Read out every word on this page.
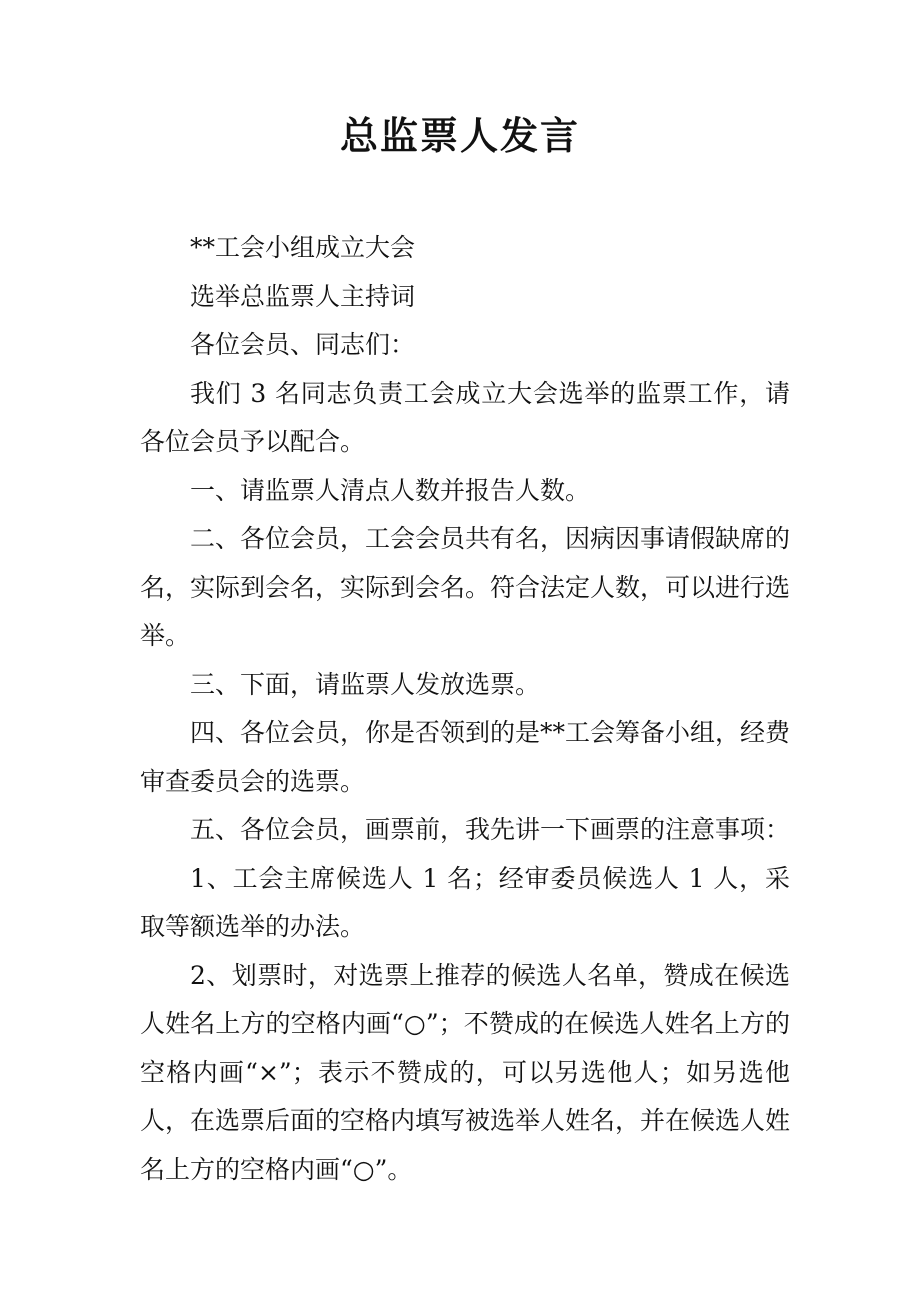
总监票人发言

**工会小组成立大会

选举总监票人主持词

各位会员、同志们：

我们 3 名同志负责工会成立大会选举的监票工作，请各位会员予以配合。

一、请监票人清点人数并报告人数。

二、各位会员，工会会员共有名，因病因事请假缺席的名，实际到会名，实际到会名。符合法定人数，可以进行选举。

三、下面，请监票人发放选票。

四、各位会员，你是否领到的是**工会筹备小组，经费审查委员会的选票。

五、各位会员，画票前，我先讲一下画票的注意事项：

1、工会主席候选人 1 名；经审委员候选人 1 人，采取等额选举的办法。

2、划票时，对选票上推荐的候选人名单，赞成在候选人姓名上方的空格内画“○”；不赞成的在候选人姓名上方的空格内画“×”；表示不赞成的，可以另选他人；如另选他人，在选票后面的空格内填写被选举人姓名，并在候选人姓名上方的空格内画“○”。
